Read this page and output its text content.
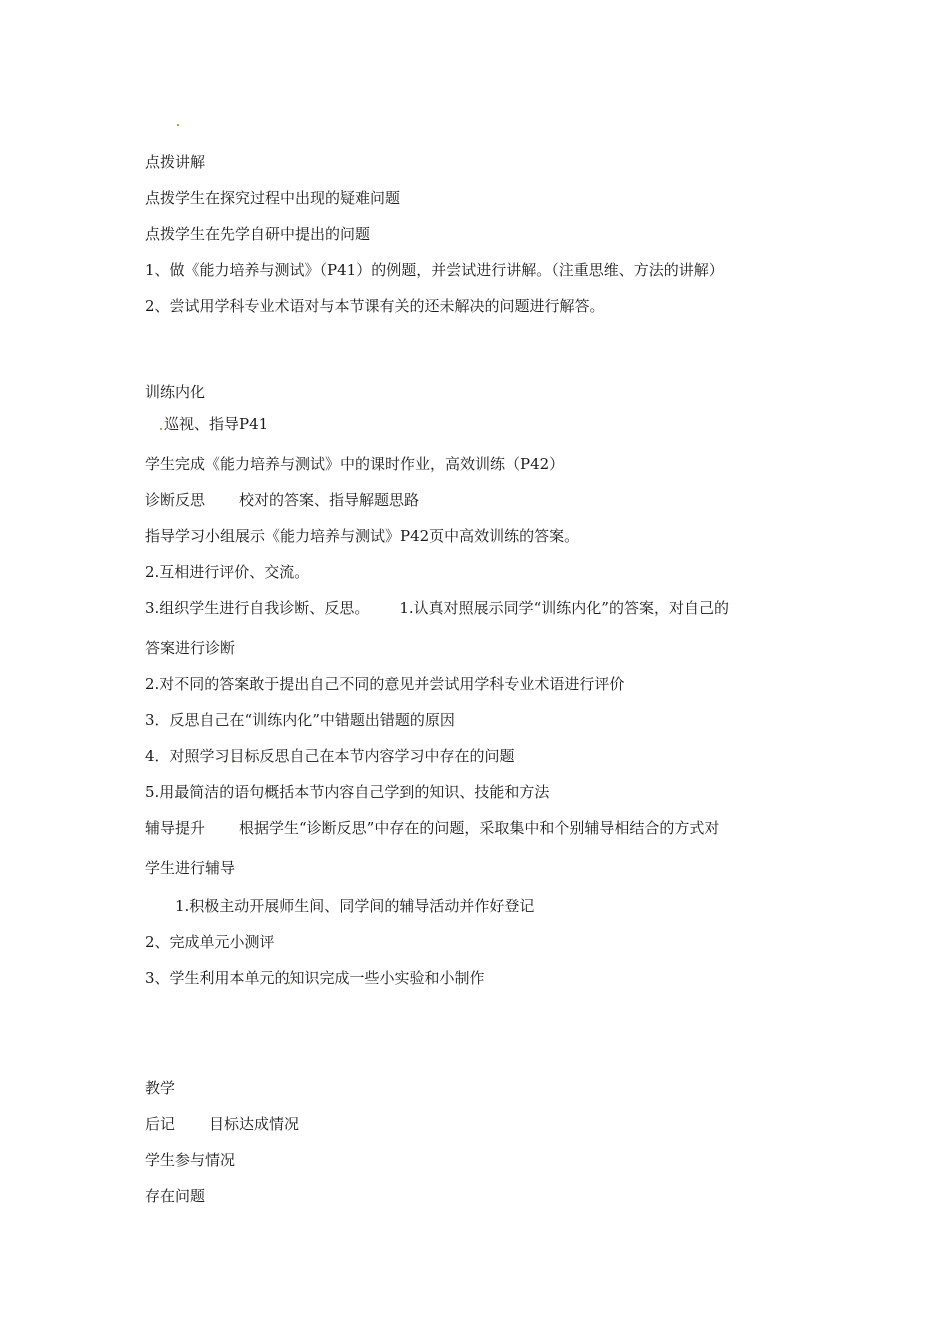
点拨讲解
点拨学生在探究过程中出现的疑难问题
点拨学生在先学自研中提出的问题
1、做《能力培养与测试》（P41）的例题，并尝试进行讲解。（注重思维、方法的讲解）
2、尝试用学科专业术语对与本节课有关的还未解决的问题进行解答。
训练内化
巡视、指导P41
学生完成《能力培养与测试》中的课时作业，高效训练（P42）
诊断反思 校对的答案、指导解题思路
指导学习小组展示《能力培养与测试》P42页中高效训练的答案。
2.互相进行评价、交流。
3.组织学生进行自我诊断、反思。 1.认真对照展示同学“训练内化”的答案，对自己的
答案进行诊断
2.对不同的答案敢于提出自己不同的意见并尝试用学科专业术语进行评价
3．反思自己在“训练内化”中错题出错题的原因
4．对照学习目标反思自己在本节内容学习中存在的问题
5.用最简洁的语句概括本节内容自己学到的知识、技能和方法
辅导提升 根据学生“诊断反思”中存在的问题，采取集中和个别辅导相结合的方式对
学生进行辅导
1.积极主动开展师生间、同学间的辅导活动并作好登记
2、完成单元小测评
3、学生利用本单元的知识完成一些小实验和小制作
教学
后记 目标达成情况
学生参与情况
存在问题
